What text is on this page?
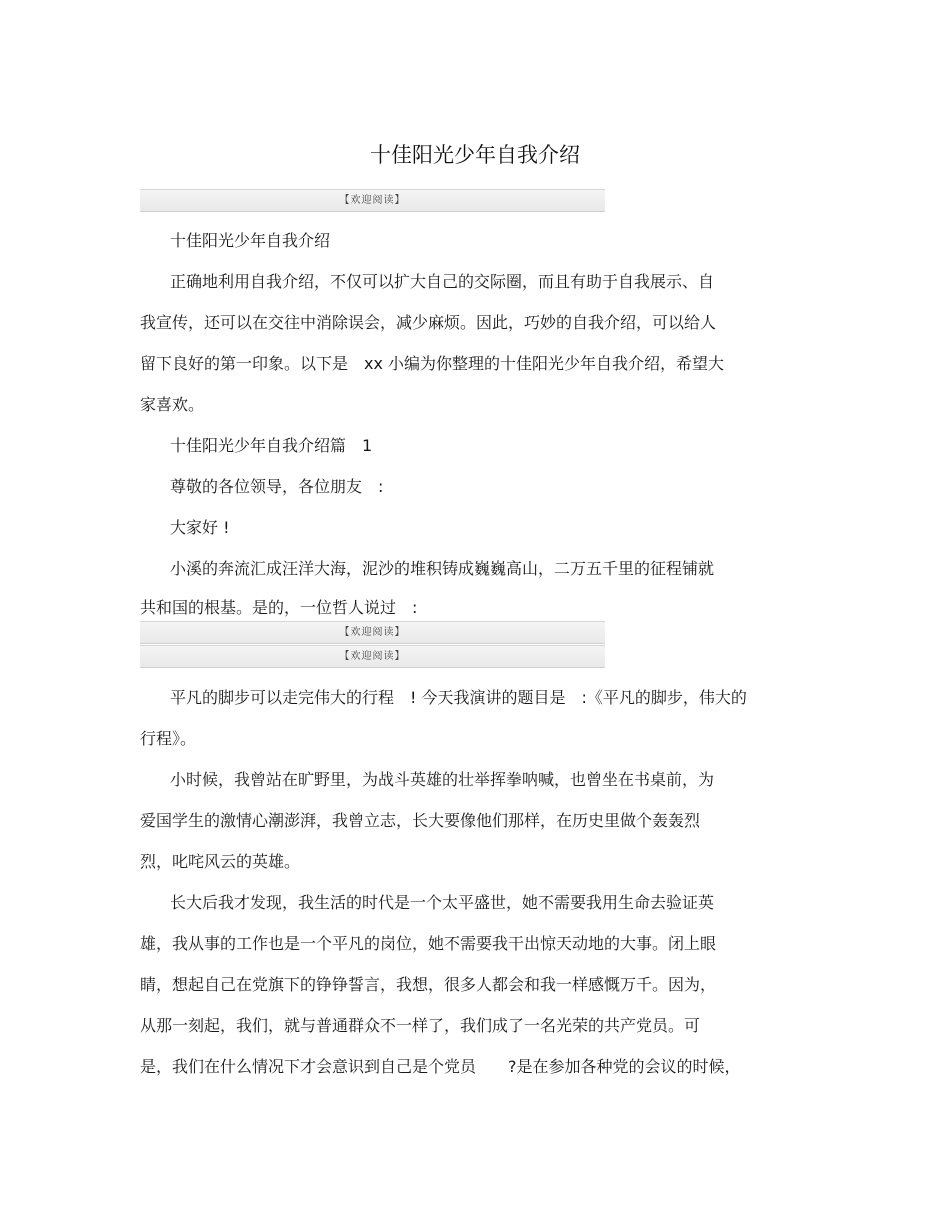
十佳阳光少年自我介绍
【欢迎阅读】
十佳阳光少年自我介绍
正确地利用自我介绍，不仅可以扩大自己的交际圈，而且有助于自我展示、自
我宣传，还可以在交往中消除误会，减少麻烦。因此，巧妙的自我介绍，可以给人
留下良好的第一印象。以下是　xx 小编为你整理的十佳阳光少年自我介绍，希望大
家喜欢。
十佳阳光少年自我介绍篇　1
尊敬的各位领导，各位朋友　:
大家好 !
小溪的奔流汇成汪洋大海，泥沙的堆积铸成巍巍高山，二万五千里的征程铺就
共和国的根基。是的，一位哲人说过　:
【欢迎阅读】
【欢迎阅读】
平凡的脚步可以走完伟大的行程　! 今天我演讲的题目是　:《平凡的脚步，伟大的
行程》。
小时候，我曾站在旷野里，为战斗英雄的壮举挥拳呐喊，也曾坐在书桌前，为
爱国学生的激情心潮澎湃，我曾立志，长大要像他们那样，在历史里做个轰轰烈
烈，叱咤风云的英雄。
长大后我才发现，我生活的时代是一个太平盛世，她不需要我用生命去验证英
雄，我从事的工作也是一个平凡的岗位，她不需要我干出惊天动地的大事。闭上眼
睛，想起自己在党旗下的铮铮誓言，我想，很多人都会和我一样感慨万千。因为，
从那一刻起，我们，就与普通群众不一样了，我们成了一名光荣的共产党员。可
是，我们在什么情况下才会意识到自己是个党员　　?是在参加各种党的会议的时候，
